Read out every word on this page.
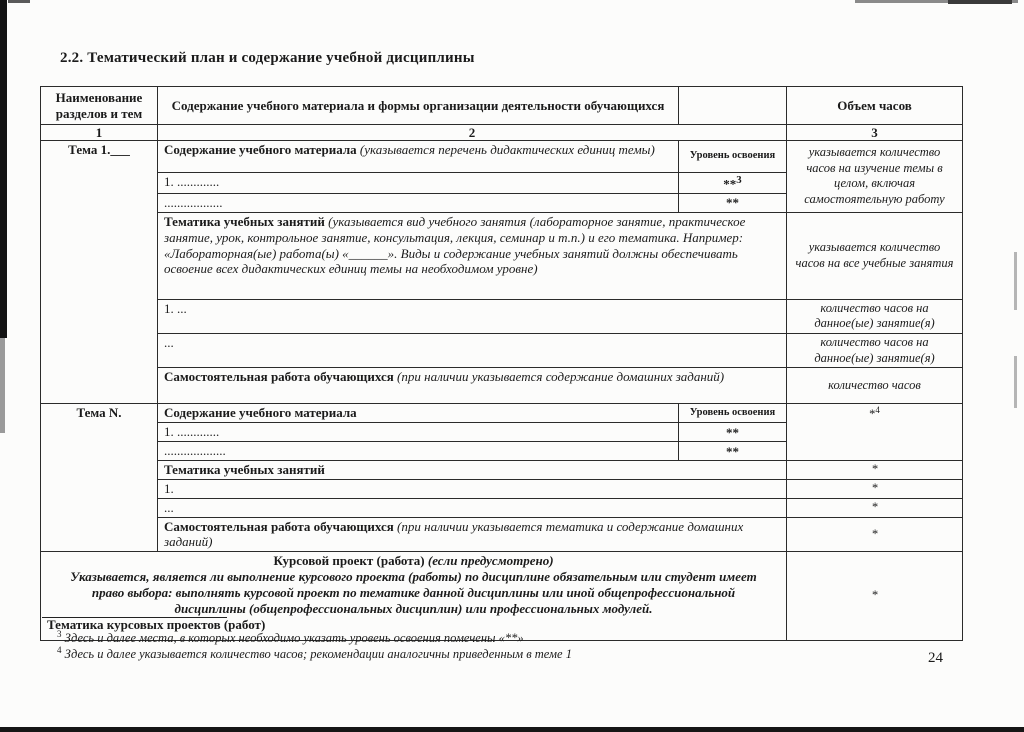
2.2. Тематический план и содержание учебной дисциплины
Наименование разделов и тем	Содержание учебного материала и формы организации деятельности обучающихся		Объем часов
1	2		3
Тема 1.___	Содержание учебного материала (указывается перечень дидактических единиц темы)	Уровень освоения	указывается количество часов на изучение темы в целом, включая самостоятельную работу
	1. .............	**$^3$
	..................	**	
	Тематика учебных занятий (указывается вид учебного занятия (лабораторное занятие, практическое занятие, урок, контрольное занятие, консультация, лекция, семинар и т.п.) и его тематика. Например: «Лабораторная(ые) работа(ы) «______». Виды и содержание учебных занятий должны обеспечивать освоение всех дидактических единиц темы на необходимом уровне)		указывается количество часов на все учебные занятия
	1. ...		количество часов на данное(ые) занятие(я)
	...		количество часов на данное(ые) занятие(я)
	Самостоятельная работа обучающихся (при наличии указывается содержание домашних заданий)		количество часов
Тема N.	Содержание учебного материала	Уровень освоения	*$^4$
	1. .............	**	
	...................	**	
	Тематика учебных занятий		*
	1.		*
	...		*
	Самостоятельная работа обучающихся (при наличии указывается тематика и содержание домашних заданий)		*

Курсовой проект (работа) (если предусмотрено)
Указывается, является ли выполнение курсового проекта (работы) по дисциплине обязательным или студент имеет право выбора: выполнять курсовой проект по тематике данной дисциплины или иной общепрофессиональной дисциплины (общепрофессиональных дисциплин) или профессиональных модулей.
Тематика курсовых проектов (работ)			*
$^3$ Здесь и далее места, в которых необходимо указать уровень освоения помечены «**»
$^4$ Здесь и далее указывается количество часов; рекомендации аналогичны приведенным в теме 1	24
